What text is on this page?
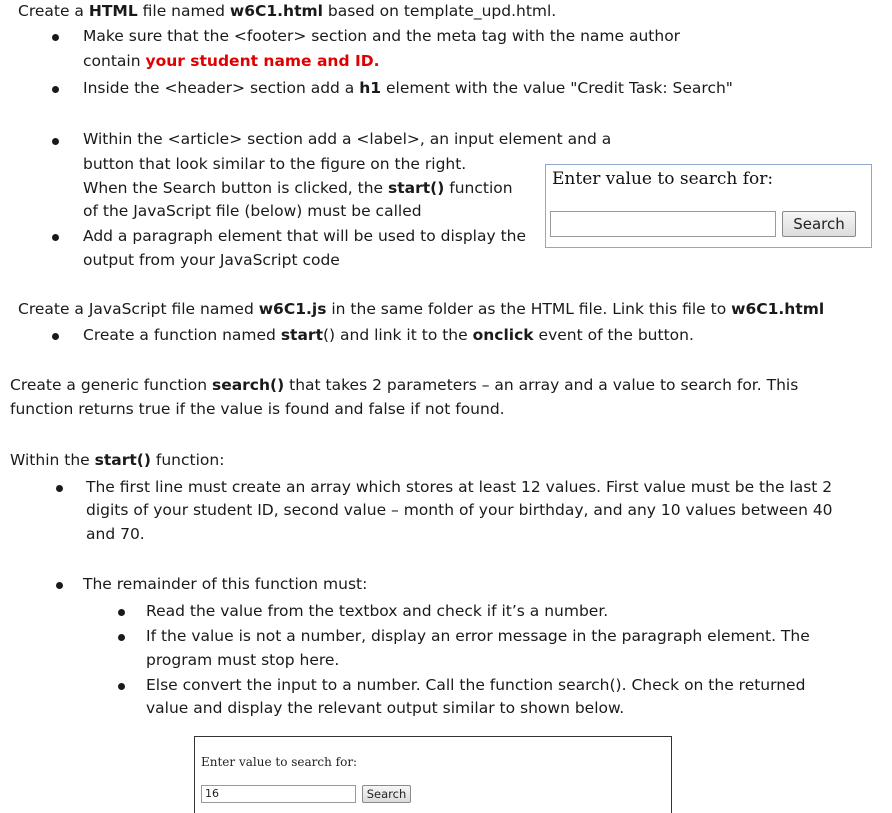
Create a HTML file named w6C1.html based on template_upd.html.
Make sure that the <footer> section and the meta tag with the name author
contain your student name and ID.
Inside the <header> section add a h1 element with the value "Credit Task: Search"
Within the <article> section add a <label>, an input element and a
button that look similar to the figure on the right.
When the Search button is clicked, the start() function
of the JavaScript file (below) must be called
Add a paragraph element that will be used to display the
output from your JavaScript code
Enter value to search for:
Search
Create a JavaScript file named w6C1.js in the same folder as the HTML file. Link this file to w6C1.html
Create a function named start() and link it to the onclick event of the button.
Create a generic function search() that takes 2 parameters – an array and a value to search for. This
function returns true if the value is found and false if not found.
Within the start() function:
The first line must create an array which stores at least 12 values. First value must be the last 2
digits of your student ID, second value – month of your birthday, and any 10 values between 40
and 70.
The remainder of this function must:
Read the value from the textbox and check if it’s a number.
If the value is not a number, display an error message in the paragraph element. The
program must stop here.
Else convert the input to a number. Call the function search(). Check on the returned
value and display the relevant output similar to shown below.
Enter value to search for:
16	Search
